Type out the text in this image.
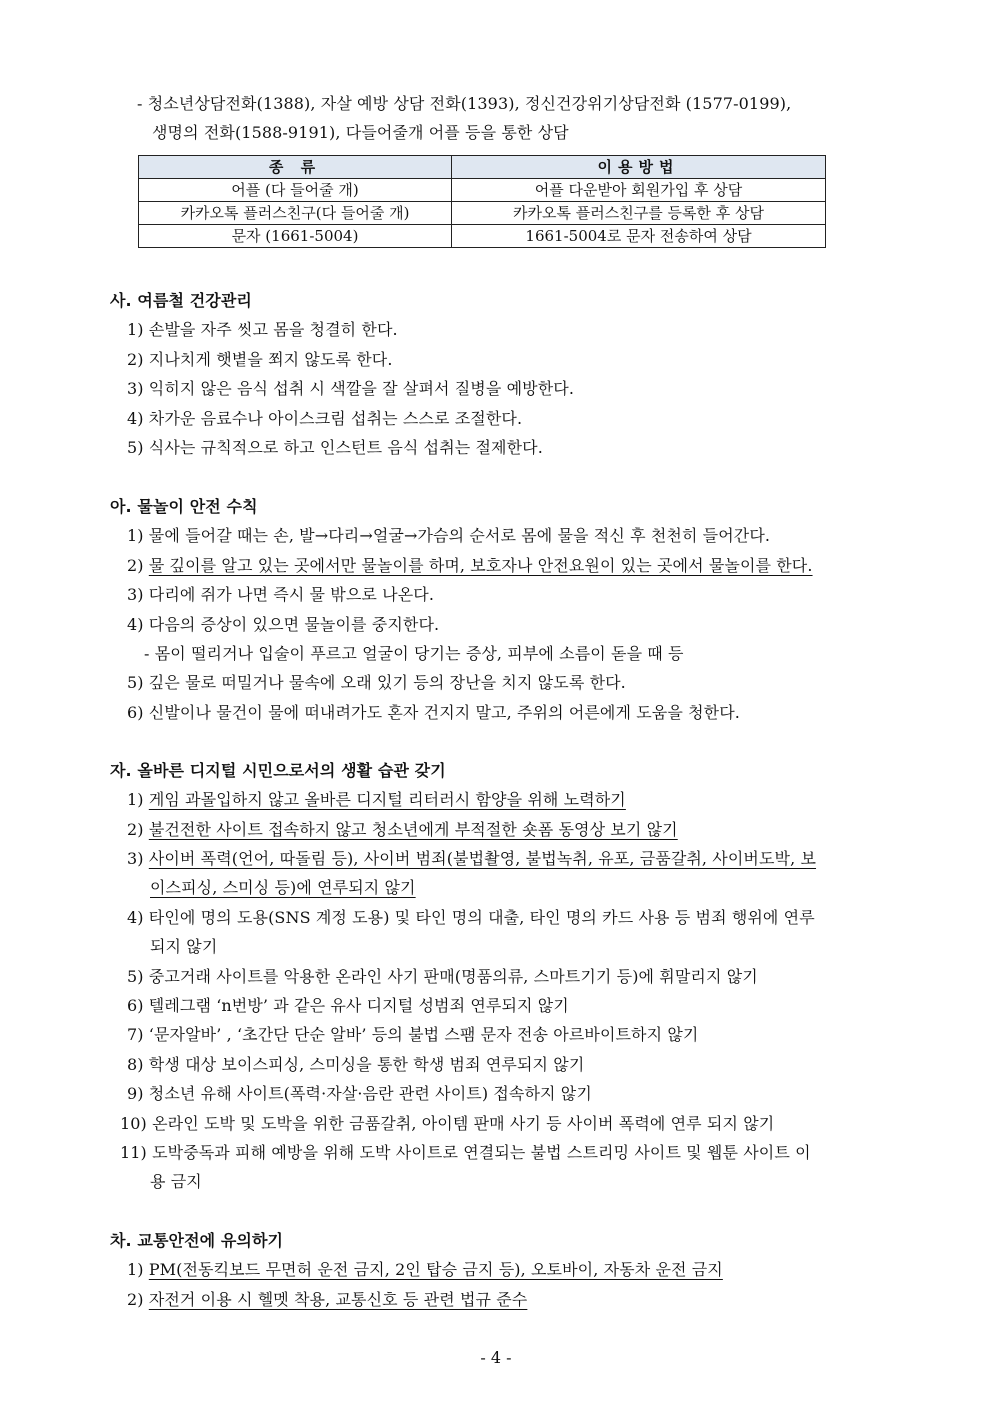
- 청소년상담전화(1388), 자살 예방 상담 전화(1393), 정신건강위기상담전화 (1577-0199),
생명의 전화(1588-9191), 다들어줄개 어플 등을 통한 상담
종 류	이용방법
어플 (다 들어줄 개)	어플 다운받아 회원가입 후 상담
카카오톡 플러스친구(다 들어줄 개)	카카오톡 플러스친구를 등록한 후 상담
문자 (1661-5004)	1661-5004로 문자 전송하여 상담
사. 여름철 건강관리
1) 손발을 자주 씻고 몸을 청결히 한다.
2) 지나치게 햇볕을 쬐지 않도록 한다.
3) 익히지 않은 음식 섭취 시 색깔을 잘 살펴서 질병을 예방한다.
4) 차가운 음료수나 아이스크림 섭취는 스스로 조절한다.
5) 식사는 규칙적으로 하고 인스턴트 음식 섭취는 절제한다.
아. 물놀이 안전 수칙
1) 물에 들어갈 때는 손, 발→다리→얼굴→가슴의 순서로 몸에 물을 적신 후 천천히 들어간다.
2) 물 깊이를 알고 있는 곳에서만 물놀이를 하며, 보호자나 안전요원이 있는 곳에서 물놀이를 한다.
3) 다리에 쥐가 나면 즉시 물 밖으로 나온다.
4) 다음의 증상이 있으면 물놀이를 중지한다.
- 몸이 떨리거나 입술이 푸르고 얼굴이 당기는 증상, 피부에 소름이 돋을 때 등
5) 깊은 물로 떠밀거나 물속에 오래 있기 등의 장난을 치지 않도록 한다.
6) 신발이나 물건이 물에 떠내려가도 혼자 건지지 말고, 주위의 어른에게 도움을 청한다.
자. 올바른 디지털 시민으로서의 생활 습관 갖기
1) 게임 과몰입하지 않고 올바른 디지털 리터러시 함양을 위해 노력하기
2) 불건전한 사이트 접속하지 않고 청소년에게 부적절한 숏폼 동영상 보기 않기
3) 사이버 폭력(언어, 따돌림 등), 사이버 범죄(불법촬영, 불법녹취, 유포, 금품갈취, 사이버도박, 보
이스피싱, 스미싱 등)에 연루되지 않기
4) 타인에 명의 도용(SNS 계정 도용) 및 타인 명의 대출, 타인 명의 카드 사용 등 범죄 행위에 연루
되지 않기
5) 중고거래 사이트를 악용한 온라인 사기 판매(명품의류, 스마트기기 등)에 휘말리지 않기
6) 텔레그램 ‘n번방’ 과 같은 유사 디지털 성범죄 연루되지 않기
7) ‘문자알바’ , ‘초간단 단순 알바’ 등의 불법 스팸 문자 전송 아르바이트하지 않기
8) 학생 대상 보이스피싱, 스미싱을 통한 학생 범죄 연루되지 않기
9) 청소년 유해 사이트(폭력·자살·음란 관련 사이트) 접속하지 않기
10) 온라인 도박 및 도박을 위한 금품갈취, 아이템 판매 사기 등 사이버 폭력에 연루 되지 않기
11) 도박중독과 피해 예방을 위해 도박 사이트로 연결되는 불법 스트리밍 사이트 및 웹툰 사이트 이
용 금지
차. 교통안전에 유의하기
1) PM(전동킥보드 무면허 운전 금지, 2인 탑승 금지 등), 오토바이, 자동차 운전 금지
2) 자전거 이용 시 헬멧 착용, 교통신호 등 관련 법규 준수
- 4 -
